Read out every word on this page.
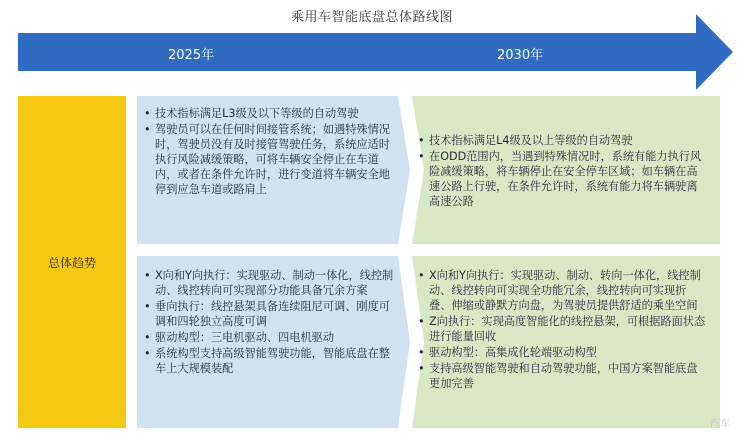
乘用车智能底盘总体路线图
2025年	2030年
总体趋势
• 技术指标满足L3级及以下等级的自动驾驶
• 驾驶员可以在任何时间接管系统；如遇特殊情况时，驾驶员没有及时接管驾驶任务，系统应适时执行风险减缓策略，可将车辆安全停止在车道内，或者在条件允许时，进行变道将车辆安全地停到应急车道或路肩上
• 技术指标满足L4级及以上等级的自动驾驶
• 在ODD范围内，当遇到特殊情况时，系统有能力执行风险减缓策略，将车辆停止在安全停车区域；如车辆在高速公路上行驶，在条件允许时，系统有能力将车辆驶离高速公路
• X向和Y向执行：实现驱动、制动一体化，线控制动、线控转向可实现部分功能具备冗余方案
• 垂向执行：线控悬架具备连续阻尼可调、刚度可调和四轮独立高度可调
• 驱动构型：三电机驱动、四电机驱动
• 系统构型支持高级智能驾驶功能，智能底盘在整车上大规模装配
• X向和Y向执行：实现驱动、制动、转向一体化，线控制动、线控转向可实现全功能冗余，线控转向可实现折叠、伸缩或静默方向盘，为驾驶员提供舒适的乘坐空间
• Z向执行：实现高度智能化的线控悬架，可根据路面状态进行能量回收
• 驱动构型：高集成化轮端驱动构型
• 支持高级智能驾驶和自动驾驶功能，中国方案智能底盘更加完善
汽车
